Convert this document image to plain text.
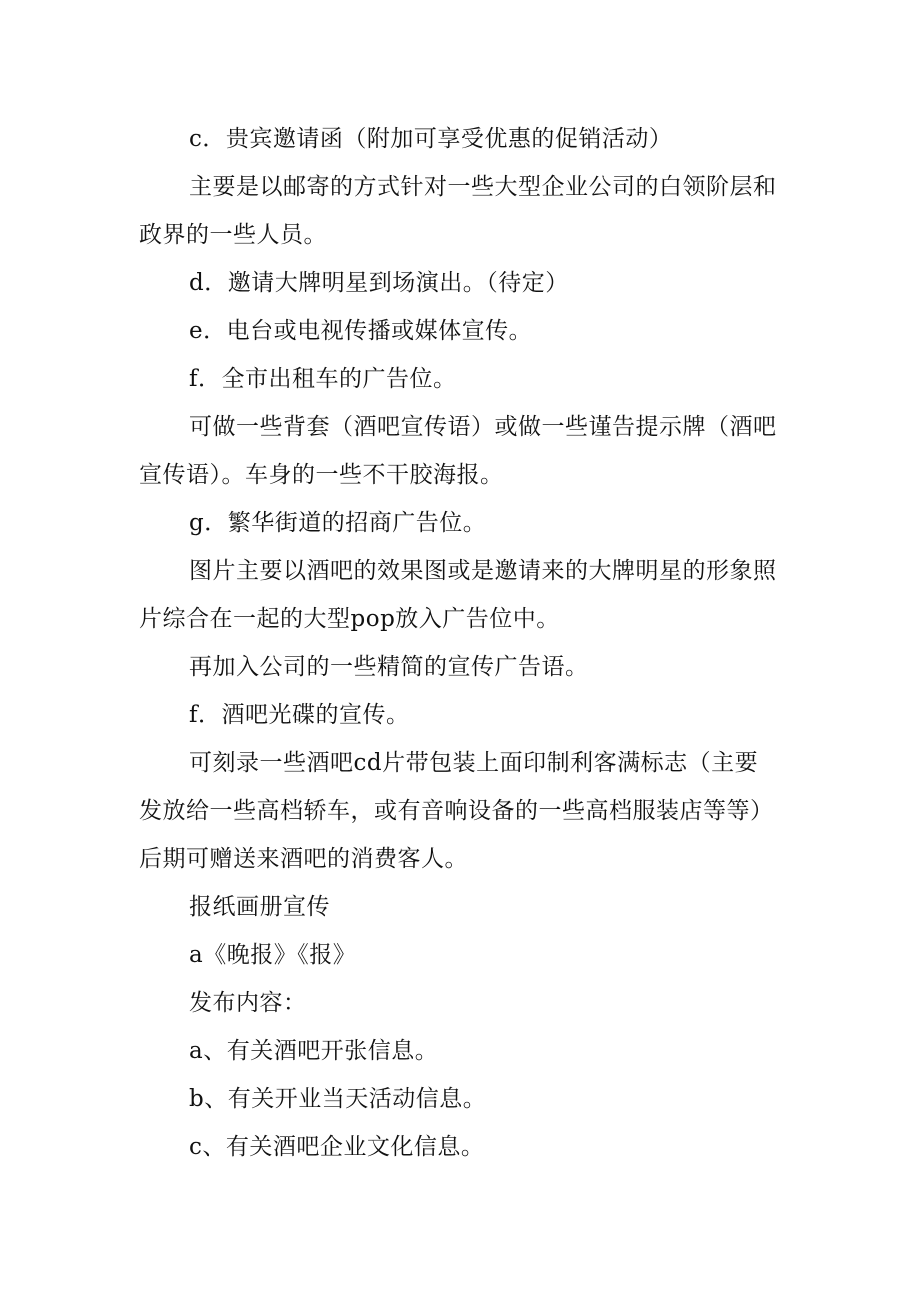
c．贵宾邀请函（附加可享受优惠的促销活动）

主要是以邮寄的方式针对一些大型企业公司的白领阶层和政界的一些人员。

d．邀请大牌明星到场演出。（待定）

e．电台或电视传播或媒体宣传。

f．全市出租车的广告位。

可做一些背套（酒吧宣传语）或做一些谨告提示牌（酒吧宣传语）。车身的一些不干胶海报。

g．繁华街道的招商广告位。

图片主要以酒吧的效果图或是邀请来的大牌明星的形象照片综合在一起的大型pop放入广告位中。

再加入公司的一些精简的宣传广告语。

f．酒吧光碟的宣传。

可刻录一些酒吧cd片带包装上面印制利客满标志（主要发放给一些高档轿车，或有音响设备的一些高档服装店等等）后期可赠送来酒吧的消费客人。

报纸画册宣传

a《晚报》《报》

发布内容：

a、有关酒吧开张信息。

b、有关开业当天活动信息。

c、有关酒吧企业文化信息。
